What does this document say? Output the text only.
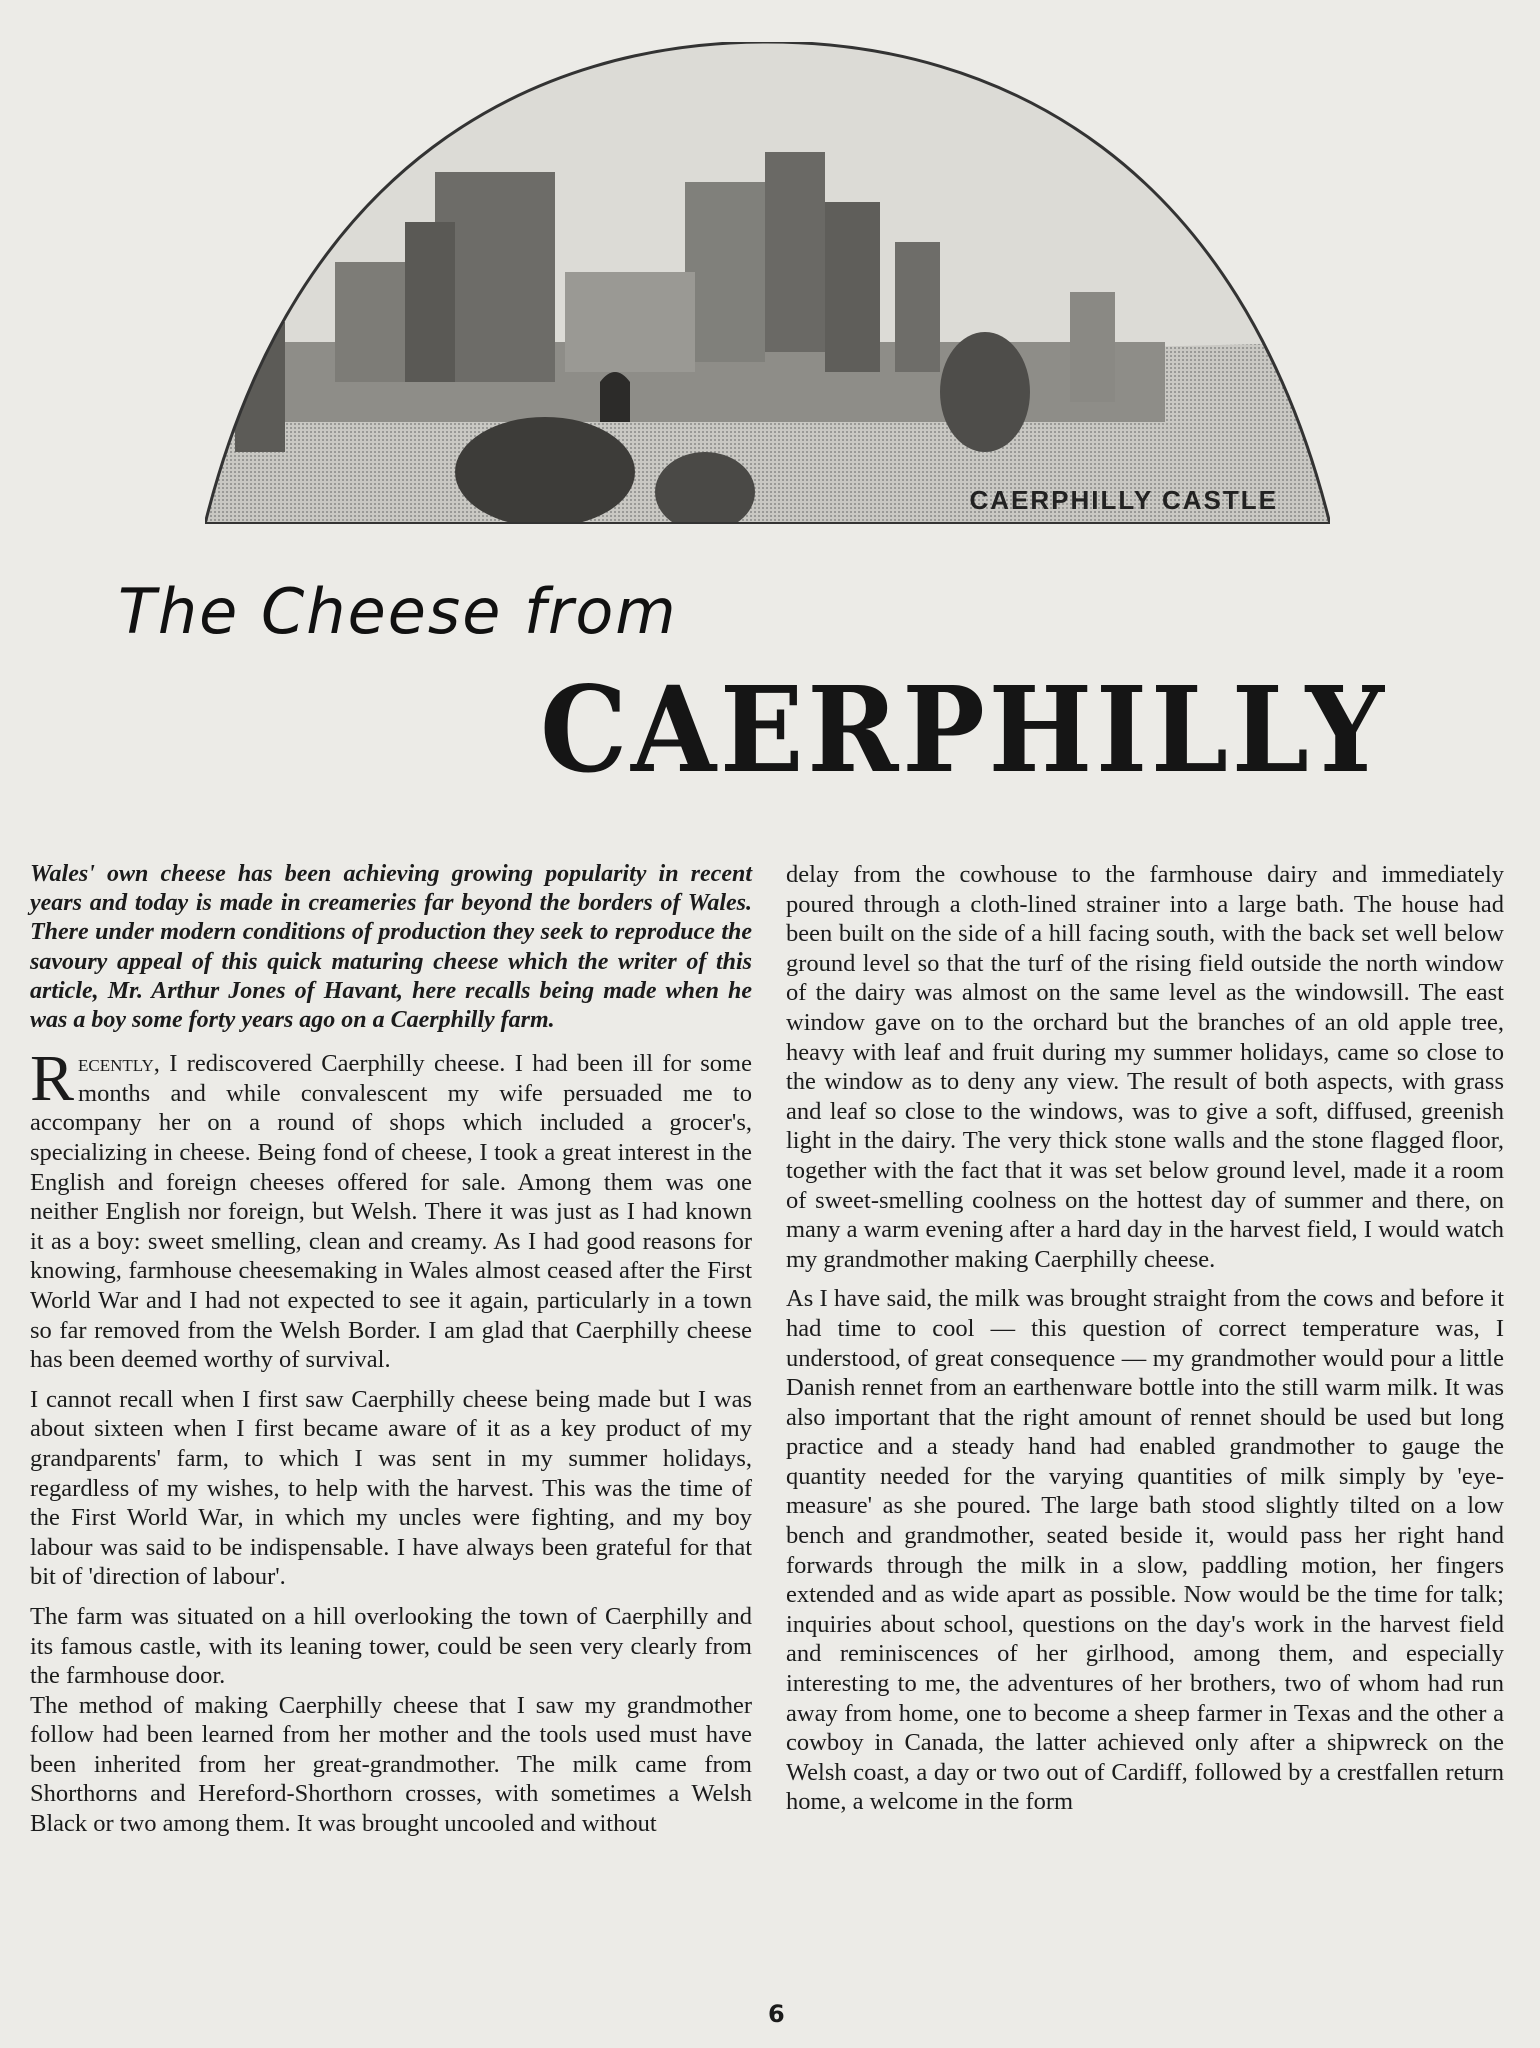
CAERPHILLY CASTLE
The Cheese from
CAERPHILLY

Wales' own cheese has been achieving growing popularity in recent years and today is made in creameries far beyond the borders of Wales. There under modern conditions of production they seek to reproduce the savoury appeal of this quick maturing cheese which the writer of this article, Mr. Arthur Jones of Havant, here recalls being made when he was a boy some forty years ago on a Caerphilly farm.

Recently, I rediscovered Caerphilly cheese. I had been ill for some months and while convalescent my wife persuaded me to accompany her on a round of shops which included a grocer's, specializing in cheese. Being fond of cheese, I took a great interest in the English and foreign cheeses offered for sale. Among them was one neither English nor foreign, but Welsh. There it was just as I had known it as a boy: sweet smelling, clean and creamy. As I had good reasons for knowing, farmhouse cheesemaking in Wales almost ceased after the First World War and I had not expected to see it again, particularly in a town so far removed from the Welsh Border. I am glad that Caerphilly cheese has been deemed worthy of survival.

I cannot recall when I first saw Caerphilly cheese being made but I was about sixteen when I first became aware of it as a key product of my grandparents' farm, to which I was sent in my summer holidays, regardless of my wishes, to help with the harvest. This was the time of the First World War, in which my uncles were fighting, and my boy labour was said to be indispensable. I have always been grateful for that bit of 'direction of labour'.

The farm was situated on a hill overlooking the town of Caerphilly and its famous castle, with its leaning tower, could be seen very clearly from the farmhouse door.

The method of making Caerphilly cheese that I saw my grandmother follow had been learned from her mother and the tools used must have been inherited from her great-grandmother. The milk came from Shorthorns and Hereford-Shorthorn crosses, with sometimes a Welsh Black or two among them. It was brought uncooled and without

delay from the cowhouse to the farmhouse dairy and immediately poured through a cloth-lined strainer into a large bath. The house had been built on the side of a hill facing south, with the back set well below ground level so that the turf of the rising field outside the north window of the dairy was almost on the same level as the windowsill. The east window gave on to the orchard but the branches of an old apple tree, heavy with leaf and fruit during my summer holidays, came so close to the window as to deny any view. The result of both aspects, with grass and leaf so close to the windows, was to give a soft, diffused, greenish light in the dairy. The very thick stone walls and the stone flagged floor, together with the fact that it was set below ground level, made it a room of sweet-smelling coolness on the hottest day of summer and there, on many a warm evening after a hard day in the harvest field, I would watch my grandmother making Caerphilly cheese.

As I have said, the milk was brought straight from the cows and before it had time to cool — this question of correct temperature was, I understood, of great consequence — my grandmother would pour a little Danish rennet from an earthenware bottle into the still warm milk. It was also important that the right amount of rennet should be used but long practice and a steady hand had enabled grandmother to gauge the quantity needed for the varying quantities of milk simply by 'eye-measure' as she poured. The large bath stood slightly tilted on a low bench and grandmother, seated beside it, would pass her right hand forwards through the milk in a slow, paddling motion, her fingers extended and as wide apart as possible. Now would be the time for talk; inquiries about school, questions on the day's work in the harvest field and reminiscences of her girlhood, among them, and especially interesting to me, the adventures of her brothers, two of whom had run away from home, one to become a sheep farmer in Texas and the other a cowboy in Canada, the latter achieved only after a shipwreck on the Welsh coast, a day or two out of Cardiff, followed by a crestfallen return home, a welcome in the form

6
